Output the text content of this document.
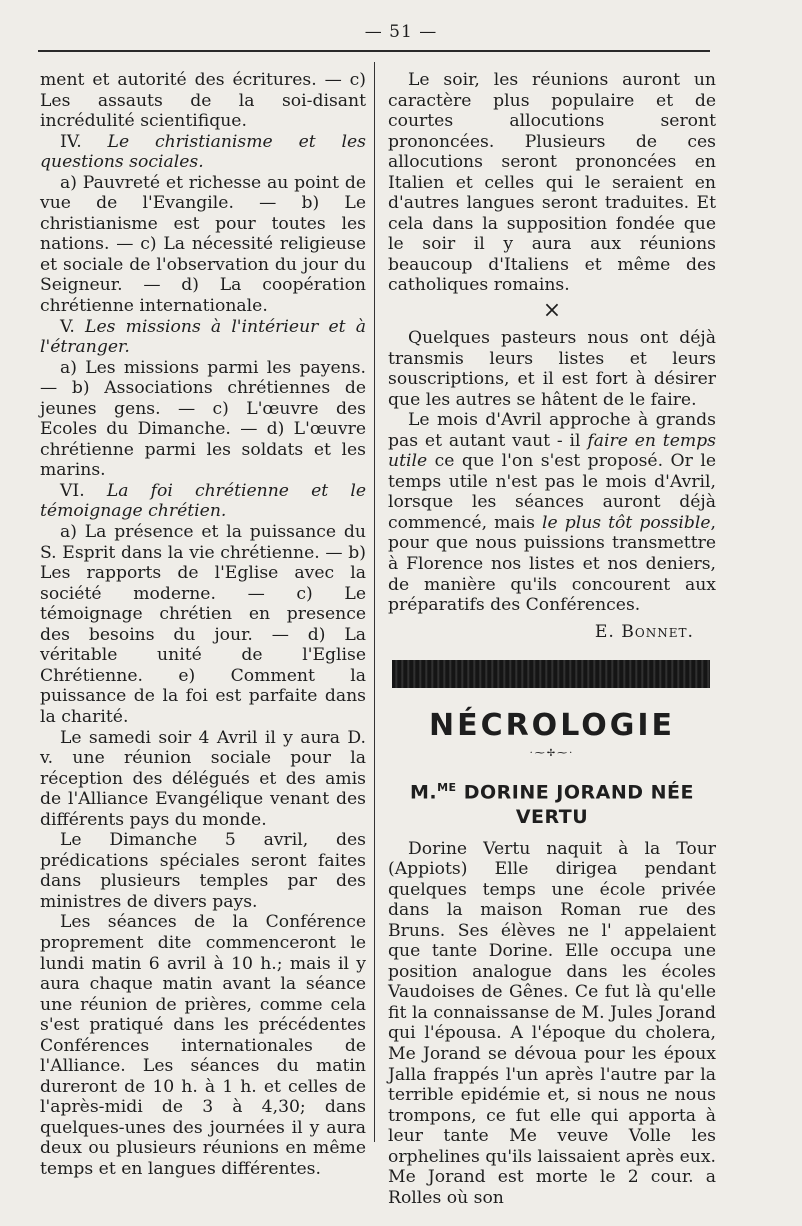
— 51 —

ment et autorité des écritures. — c) Les assauts de la soi-disant incrédulité scientifique.

IV. Le christianisme et les questions sociales.

a) Pauvreté et richesse au point de vue de l'Evangile. — b) Le christianisme est pour toutes les nations. — c) La nécessité religieuse et sociale de l'observation du jour du Seigneur. — d) La coopération chrétienne internationale.

V. Les missions à l'intérieur et à l'étranger.

a) Les missions parmi les payens. — b) Associations chrétiennes de jeunes gens. — c) L'œuvre des Ecoles du Dimanche. — d) L'œuvre chrétienne parmi les soldats et les marins.

VI. La foi chrétienne et le témoignage chrétien.

a) La présence et la puissance du S. Esprit dans la vie chrétienne. — b) Les rapports de l'Eglise avec la société moderne. — c) Le témoignage chrétien en presence des besoins du jour. — d) La véritable unité de l'Eglise Chrétienne. e) Comment la puissance de la foi est parfaite dans la charité.

Le samedi soir 4 Avril il y aura D. v. une réunion sociale pour la réception des délégués et des amis de l'Alliance Evangélique venant des différents pays du monde.

Le Dimanche 5 avril, des prédications spéciales seront faites dans plusieurs temples par des ministres de divers pays.

Les séances de la Conférence proprement dite commenceront le lundi matin 6 avril à 10 h.; mais il y aura chaque matin avant la séance une réunion de prières, comme cela s'est pratiqué dans les précédentes Conférences internationales de l'Alliance. Les séances du matin dureront de 10 h. à 1 h. et celles de l'après-midi de 3 à 4,30; dans quelques-unes des journées il y aura deux ou plusieurs réunions en même temps et en langues différentes.

Le soir, les réunions auront un caractère plus populaire et de courtes allocutions seront prononcées. Plusieurs de ces allocutions seront prononcées en Italien et celles qui le seraient en d'autres langues seront traduites. Et cela dans la supposition fondée que le soir il y aura aux réunions beaucoup d'Italiens et même des catholiques romains.

×

Quelques pasteurs nous ont déjà transmis leurs listes et leurs souscriptions, et il est fort à désirer que les autres se hâtent de le faire.

Le mois d'Avril approche à grands pas et autant vaut - il faire en temps utile ce que l'on s'est proposé. Or le temps utile n'est pas le mois d'Avril, lorsque les séances auront déjà commencé, mais le plus tôt possible, pour que nous puissions transmettre à Florence nos listes et nos deniers, de manière qu'ils concourent aux préparatifs des Conférences.

E. Bonnet.
NÉCROLOGIE
·⁓✢⁓·
M.$^{ME}$ DORINE JORAND NÉE VERTU

Dorine Vertu naquit à la Tour (Appiots) Elle dirigea pendant quelques temps une école privée dans la maison Roman rue des Bruns. Ses élèves ne l' appelaient que tante Dorine. Elle occupa une position analogue dans les écoles Vaudoises de Gênes. Ce fut là qu'elle fit la connaissanse de M. Jules Jorand qui l'épousa. A l'époque du cholera, Me Jorand se dévoua pour les époux Jalla frappés l'un après l'autre par la terrible epidémie et, si nous ne nous trompons, ce fut elle qui apporta à leur tante Me veuve Volle les orphelines qu'ils laissaient après eux. Me Jorand est morte le 2 cour. a Rolles où son
